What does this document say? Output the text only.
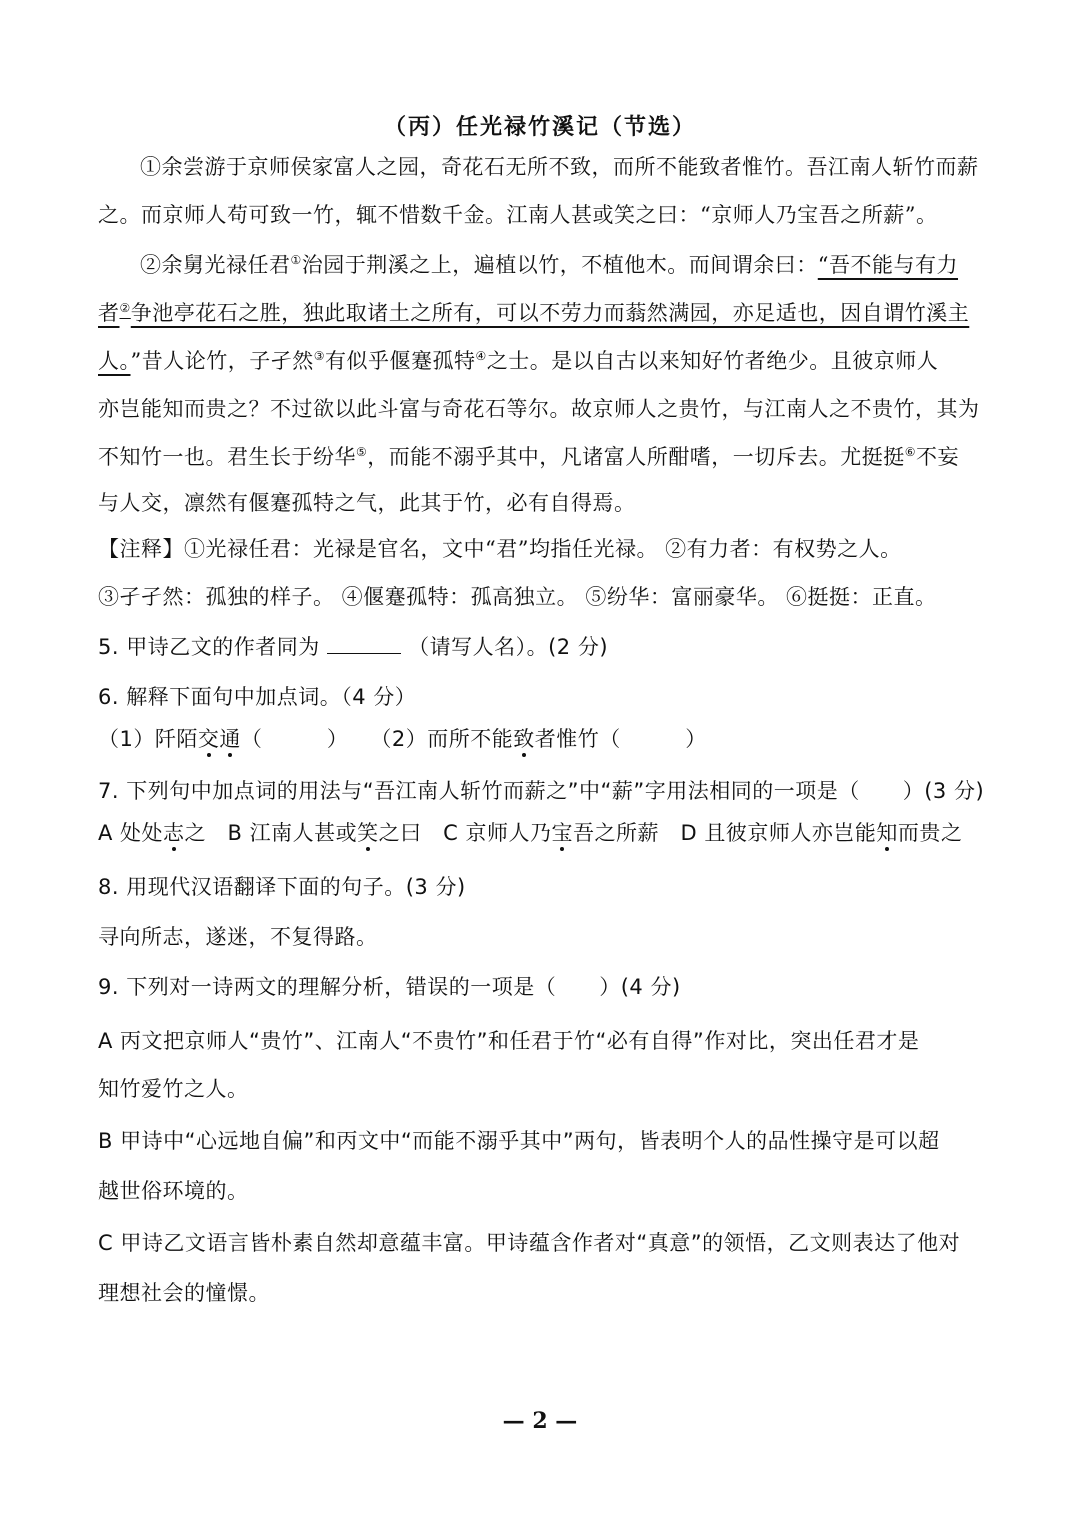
（丙）任光禄竹溪记（节选）
①余尝游于京师侯家富人之园，奇花石无所不致，而所不能致者惟竹。吾江南人斩竹而薪
之。而京师人苟可致一竹，辄不惜数千金。江南人甚或笑之曰：“京师人乃宝吾之所薪”。
②余舅光禄任君①治园于荆溪之上，遍植以竹，不植他木。而间谓余曰：“吾不能与有力
者②争池亭花石之胜，独此取诸土之所有，可以不劳力而蓊然满园，亦足适也，因自谓竹溪主
人。”昔人论竹，子孑然③有似乎偃蹇孤特④之士。是以自古以来知好竹者绝少。且彼京师人
亦岂能知而贵之？不过欲以此斗富与奇花石等尔。故京师人之贵竹，与江南人之不贵竹，其为
不知竹一也。君生长于纷华⑤，而能不溺乎其中，凡诸富人所酣嗜，一切斥去。尤挺挺⑥不妄
与人交，凛然有偃蹇孤特之气，此其于竹，必有自得焉。
【注释】①光禄任君：光禄是官名，文中“君”均指任光禄。 ②有力者：有权势之人。
③孑孑然：孤独的样子。 ④偃蹇孤特：孤高独立。 ⑤纷华：富丽豪华。 ⑥挺挺：正直。
5. 甲诗乙文的作者同为	（请写人名）。(2 分)
6. 解释下面句中加点词。（4 分）
（1）阡陌交通（　　　）　　 （2）而所不能致者惟竹（　　　）
7. 下列句中加点词的用法与“吾江南人斩竹而薪之”中“薪”字用法相同的一项是（　　）(3 分)
A 处处志之　 B 江南人甚或笑之曰　 C 京师人乃宝吾之所薪　 D 且彼京师人亦岂能知而贵之
8. 用现代汉语翻译下面的句子。(3 分)
寻向所志，遂迷，不复得路。
9. 下列对一诗两文的理解分析，错误的一项是（　　）(4 分)
A 丙文把京师人“贵竹”、江南人“不贵竹”和任君于竹“必有自得”作对比，突出任君才是
知竹爱竹之人。
B 甲诗中“心远地自偏”和丙文中“而能不溺乎其中”两句，皆表明个人的品性操守是可以超
越世俗环境的。
C 甲诗乙文语言皆朴素自然却意蕴丰富。甲诗蕴含作者对“真意”的领悟，乙文则表达了他对
理想社会的憧憬。
— 2 —
